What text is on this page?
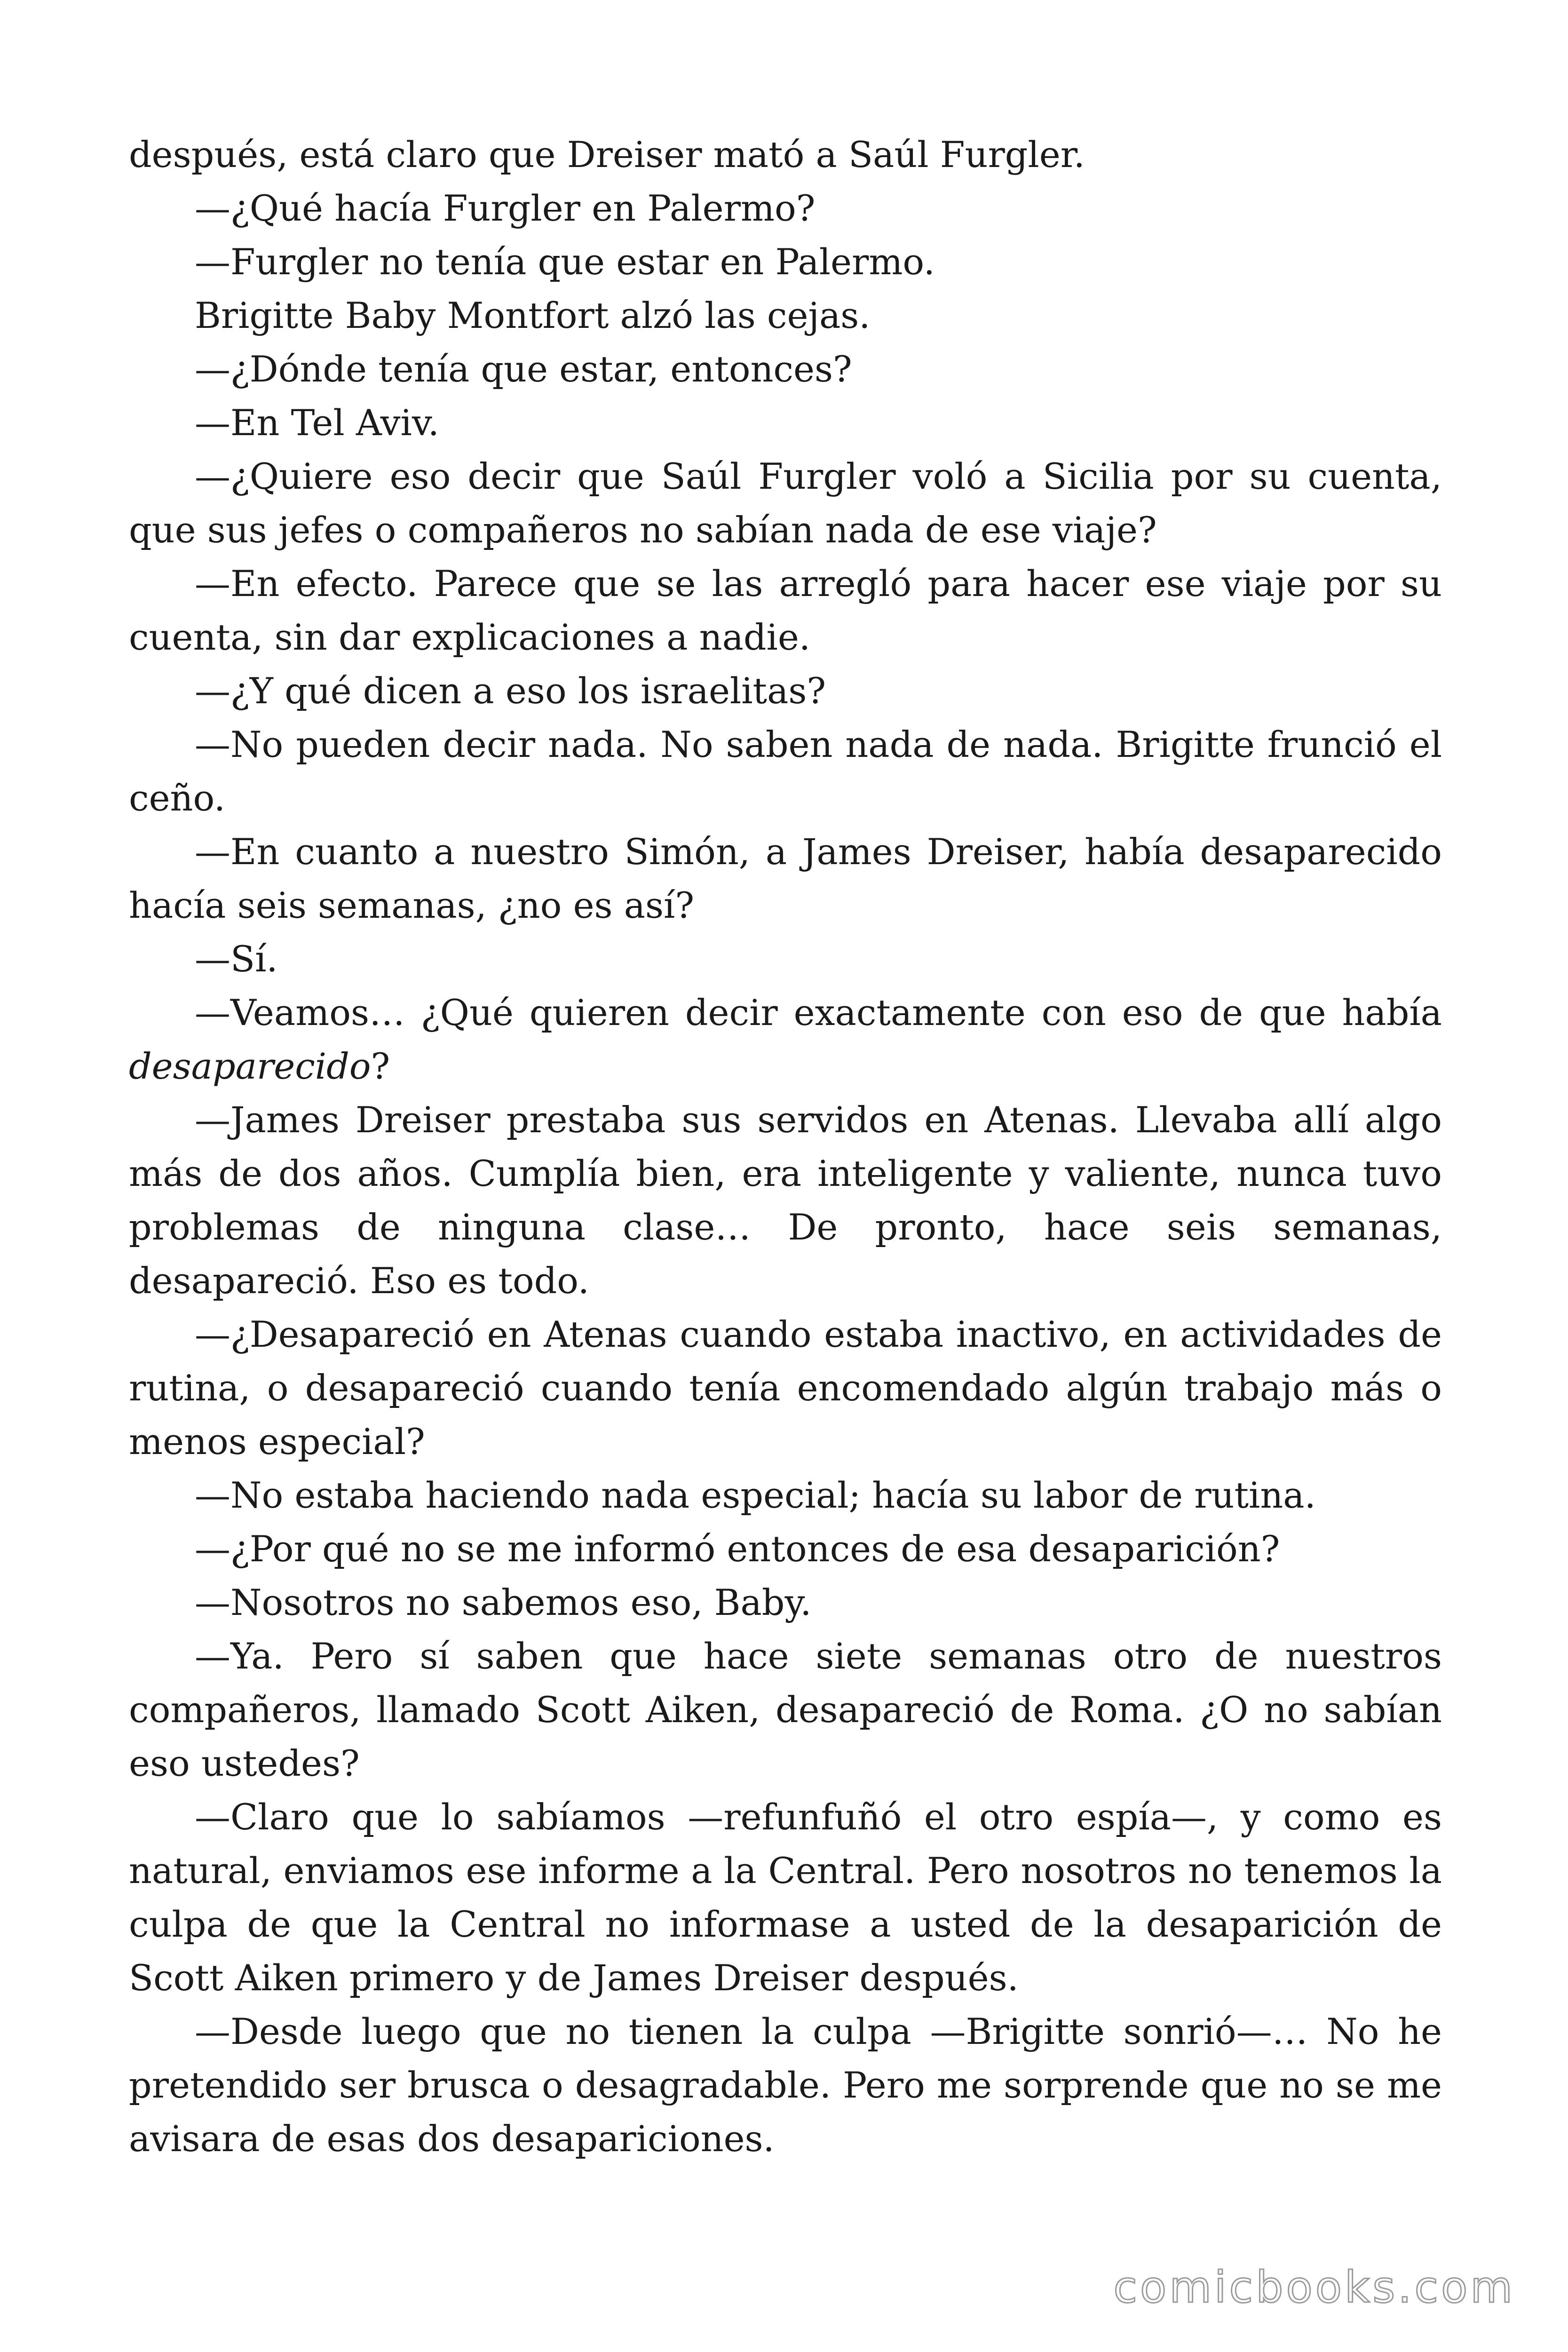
después, está claro que Dreiser mató a Saúl Furgler.

—¿Qué hacía Furgler en Palermo?

—Furgler no tenía que estar en Palermo.

Brigitte Baby Montfort alzó las cejas.

—¿Dónde tenía que estar, entonces?

—En Tel Aviv.

—¿Quiere eso decir que Saúl Furgler voló a Sicilia por su cuenta, que sus jefes o compañeros no sabían nada de ese viaje?

—En efecto. Parece que se las arregló para hacer ese viaje por su cuenta, sin dar explicaciones a nadie.

—¿Y qué dicen a eso los israelitas?

—No pueden decir nada. No saben nada de nada. Brigitte frunció el ceño.

—En cuanto a nuestro Simón, a James Dreiser, había desaparecido hacía seis semanas, ¿no es así?

—Sí.

—Veamos… ¿Qué quieren decir exactamente con eso de que había desaparecido?

—James Dreiser prestaba sus servidos en Atenas. Llevaba allí algo más de dos años. Cumplía bien, era inteligente y valiente, nunca tuvo problemas de ninguna clase… De pronto, hace seis semanas, desapareció. Eso es todo.

—¿Desapareció en Atenas cuando estaba inactivo, en actividades de rutina, o desapareció cuando tenía encomendado algún trabajo más o menos especial?

—No estaba haciendo nada especial; hacía su labor de rutina.

—¿Por qué no se me informó entonces de esa desaparición?

—Nosotros no sabemos eso, Baby.

—Ya. Pero sí saben que hace siete semanas otro de nuestros compañeros, llamado Scott Aiken, desapareció de Roma. ¿O no sabían eso ustedes?

—Claro que lo sabíamos —refunfuñó el otro espía—, y como es natural, enviamos ese informe a la Central. Pero nosotros no tenemos la culpa de que la Central no informase a usted de la desaparición de Scott Aiken primero y de James Dreiser después.

—Desde luego que no tienen la culpa —Brigitte sonrió—… No he pretendido ser brusca o desagradable. Pero me sorprende que no se me avisara de esas dos desapariciones.

comicbooks.com
